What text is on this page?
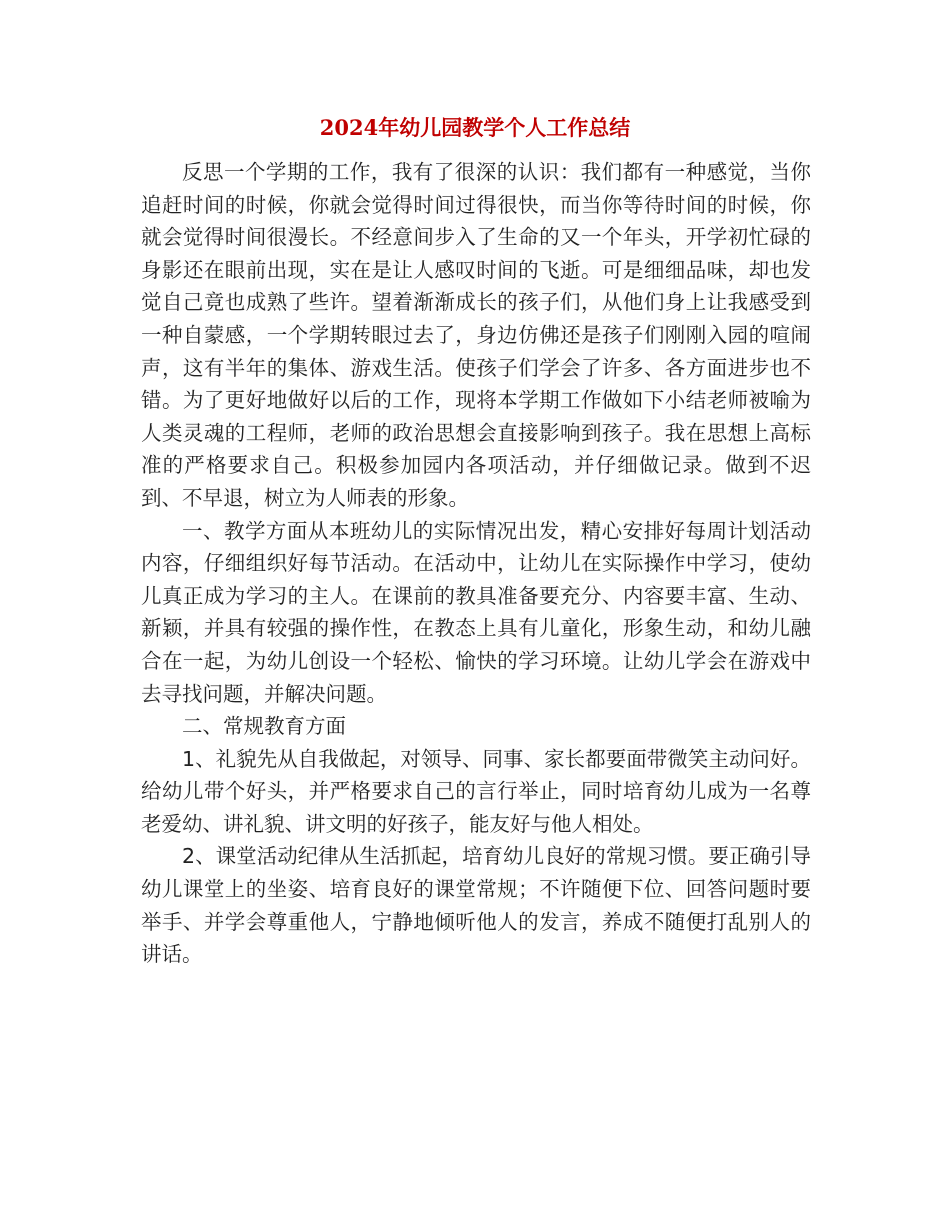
2024年幼儿园教学个人工作总结

反思一个学期的工作，我有了很深的认识：我们都有一种感觉，当你追赶时间的时候，你就会觉得时间过得很快，而当你等待时间的时候，你就会觉得时间很漫长。不经意间步入了生命的又一个年头，开学初忙碌的身影还在眼前出现，实在是让人感叹时间的飞逝。可是细细品味，却也发觉自己竟也成熟了些许。望着渐渐成长的孩子们，从他们身上让我感受到一种自蒙感，一个学期转眼过去了，身边仿佛还是孩子们刚刚入园的喧闹声，这有半年的集体、游戏生活。使孩子们学会了许多、各方面进步也不错。为了更好地做好以后的工作，现将本学期工作做如下小结老师被喻为人类灵魂的工程师，老师的政治思想会直接影响到孩子。我在思想上高标准的严格要求自己。积极参加园内各项活动，并仔细做记录。做到不迟到、不早退，树立为人师表的形象。

一、教学方面从本班幼儿的实际情况出发，精心安排好每周计划活动内容，仔细组织好每节活动。在活动中，让幼儿在实际操作中学习，使幼儿真正成为学习的主人。在课前的教具准备要充分、内容要丰富、生动、新颖，并具有较强的操作性，在教态上具有儿童化，形象生动，和幼儿融合在一起，为幼儿创设一个轻松、愉快的学习环境。让幼儿学会在游戏中去寻找问题，并解决问题。

二、常规教育方面

1、礼貌先从自我做起，对领导、同事、家长都要面带微笑主动问好。给幼儿带个好头，并严格要求自己的言行举止，同时培育幼儿成为一名尊老爱幼、讲礼貌、讲文明的好孩子，能友好与他人相处。

2、课堂活动纪律从生活抓起，培育幼儿良好的常规习惯。要正确引导幼儿课堂上的坐姿、培育良好的课堂常规；不许随便下位、回答问题时要举手、并学会尊重他人，宁静地倾听他人的发言，养成不随便打乱别人的讲话。
